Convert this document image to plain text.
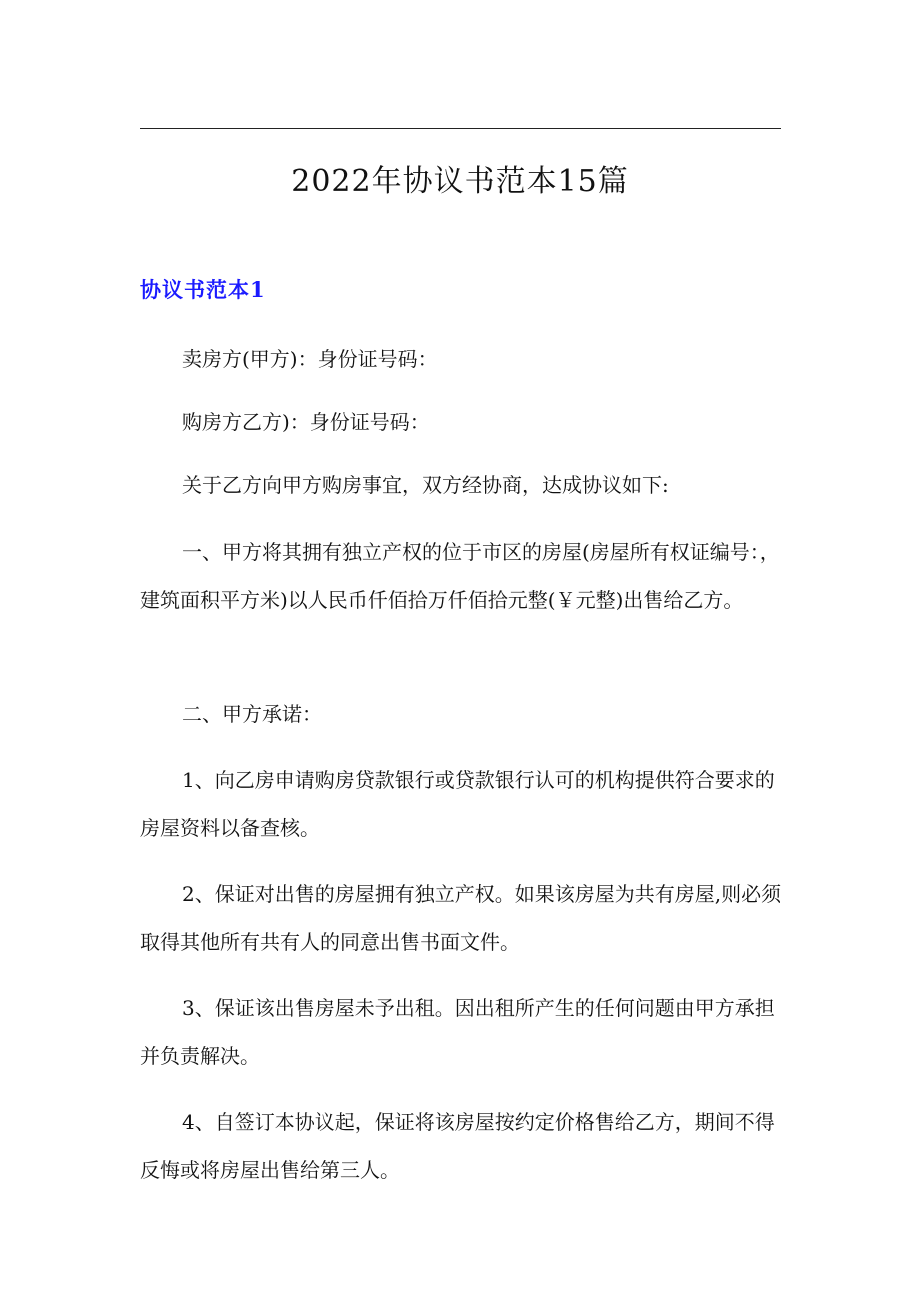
2022年协议书范本15篇
协议书范本1

卖房方(甲方)：身份证号码：

购房方乙方)：身份证号码：

关于乙方向甲方购房事宜，双方经协商，达成协议如下:

一、甲方将其拥有独立产权的位于市区的房屋(房屋所有权证编号：，建筑面积平方米)以人民币仟佰拾万仟佰拾元整(￥元整)出售给乙方。

二、甲方承诺：

1、向乙房申请购房贷款银行或贷款银行认可的机构提供符合要求的房屋资料以备查核。

2、保证对出售的房屋拥有独立产权。如果该房屋为共有房屋,则必须取得其他所有共有人的同意出售书面文件。

3、保证该出售房屋未予出租。因出租所产生的任何问题由甲方承担并负责解决。

4、自签订本协议起，保证将该房屋按约定价格售给乙方，期间不得反悔或将房屋出售给第三人。
